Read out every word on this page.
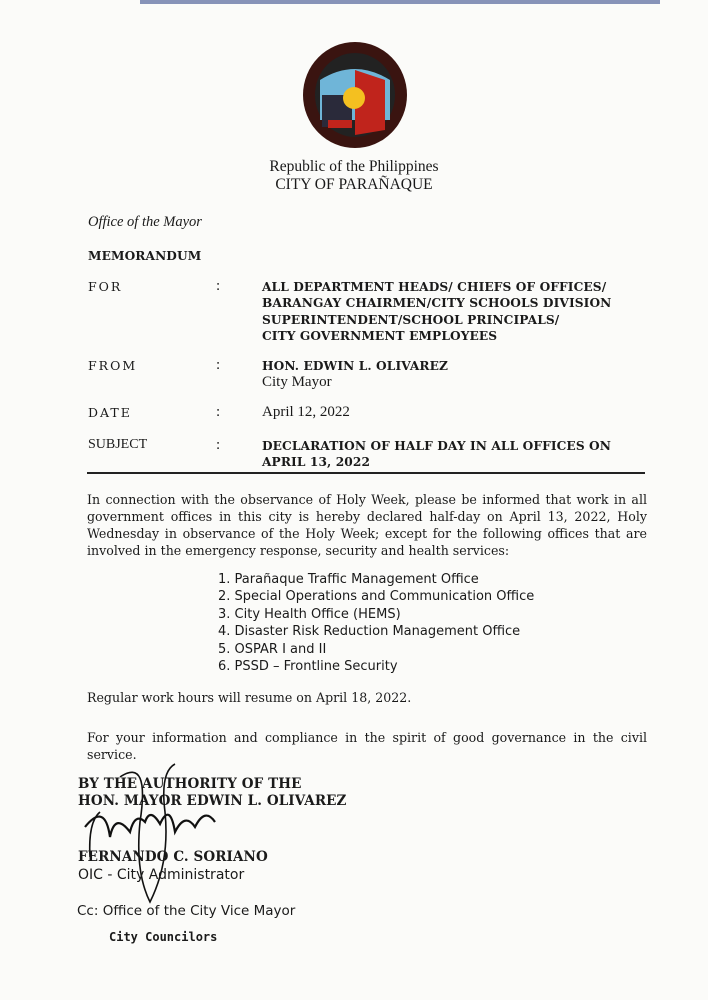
Republic of the Philippines
CITY OF PARAÑAQUE
Office of the Mayor
MEMORANDUM
FOR	:	ALL DEPARTMENT HEADS/ CHIEFS OF OFFICES/
BARANGAY CHAIRMEN/CITY SCHOOLS DIVISION
SUPERINTENDENT/SCHOOL PRINCIPALS/
CITY GOVERNMENT EMPLOYEES
FROM	:	HON. EDWIN L. OLIVAREZ
City Mayor
DATE	:	April 12, 2022
SUBJECT	:	DECLARATION OF HALF DAY IN ALL OFFICES ON
APRIL 13, 2022
In connection with the observance of Holy Week, please be informed that work in all government offices in this city is hereby declared half-day on April 13, 2022, Holy Wednesday in observance of the Holy Week; except for the following offices that are involved in the emergency response, security and health services:
1. Parañaque Traffic Management Office
2. Special Operations and Communication Office
3. City Health Office (HEMS)
4. Disaster Risk Reduction Management Office
5. OSPAR I and II
6. PSSD – Frontline Security
Regular work hours will resume on April 18, 2022.
For your information and compliance in the spirit of good governance in the civil service.
BY THE AUTHORITY OF THE
HON. MAYOR EDWIN L. OLIVAREZ
FERNANDO C. SORIANO
OIC - City Administrator
Cc: Office of the City Vice Mayor
City Councilors
